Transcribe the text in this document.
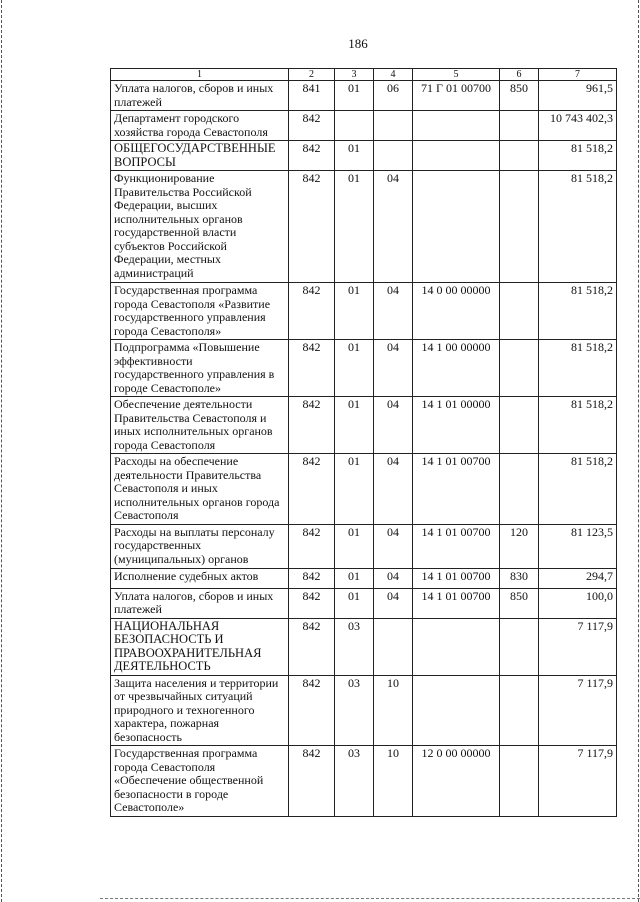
186
1	2	3	4	5	6	7
Уплата налогов, сборов и иных платежей	841	01	06	71 Г 01 00700	850	961,5
Департамент городского хозяйства города Севастополя	842					10 743 402,3
ОБЩЕГОСУДАРСТВЕННЫЕ ВОПРОСЫ	842	01				81 518,2
Функционирование Правительства Российской Федерации, высших исполнительных органов государственной власти субъектов Российской Федерации, местных администраций	842	01	04			81 518,2
Государственная программа города Севастополя «Развитие государственного управления города Севастополя»	842	01	04	14 0 00 00000		81 518,2
Подпрограмма «Повышение эффективности государственного управления в городе Севастополе»	842	01	04	14 1 00 00000		81 518,2
Обеспечение деятельности Правительства Севастополя и иных исполнительных органов города Севастополя	842	01	04	14 1 01 00000		81 518,2
Расходы на обеспечение деятельности Правительства Севастополя и иных исполнительных органов города Севастополя	842	01	04	14 1 01 00700		81 518,2
Расходы на выплаты персоналу государственных (муниципальных) органов	842	01	04	14 1 01 00700	120	81 123,5
Исполнение судебных актов	842	01	04	14 1 01 00700	830	294,7
Уплата налогов, сборов и иных платежей	842	01	04	14 1 01 00700	850	100,0
НАЦИОНАЛЬНАЯ БЕЗОПАСНОСТЬ И ПРАВООХРАНИТЕЛЬНАЯ ДЕЯТЕЛЬНОСТЬ	842	03				7 117,9
Защита населения и территории от чрезвычайных ситуаций природного и техногенного характера, пожарная безопасность	842	03	10			7 117,9
Государственная программа города Севастополя «Обеспечение общественной безопасности в городе Севастополе»	842	03	10	12 0 00 00000		7 117,9
